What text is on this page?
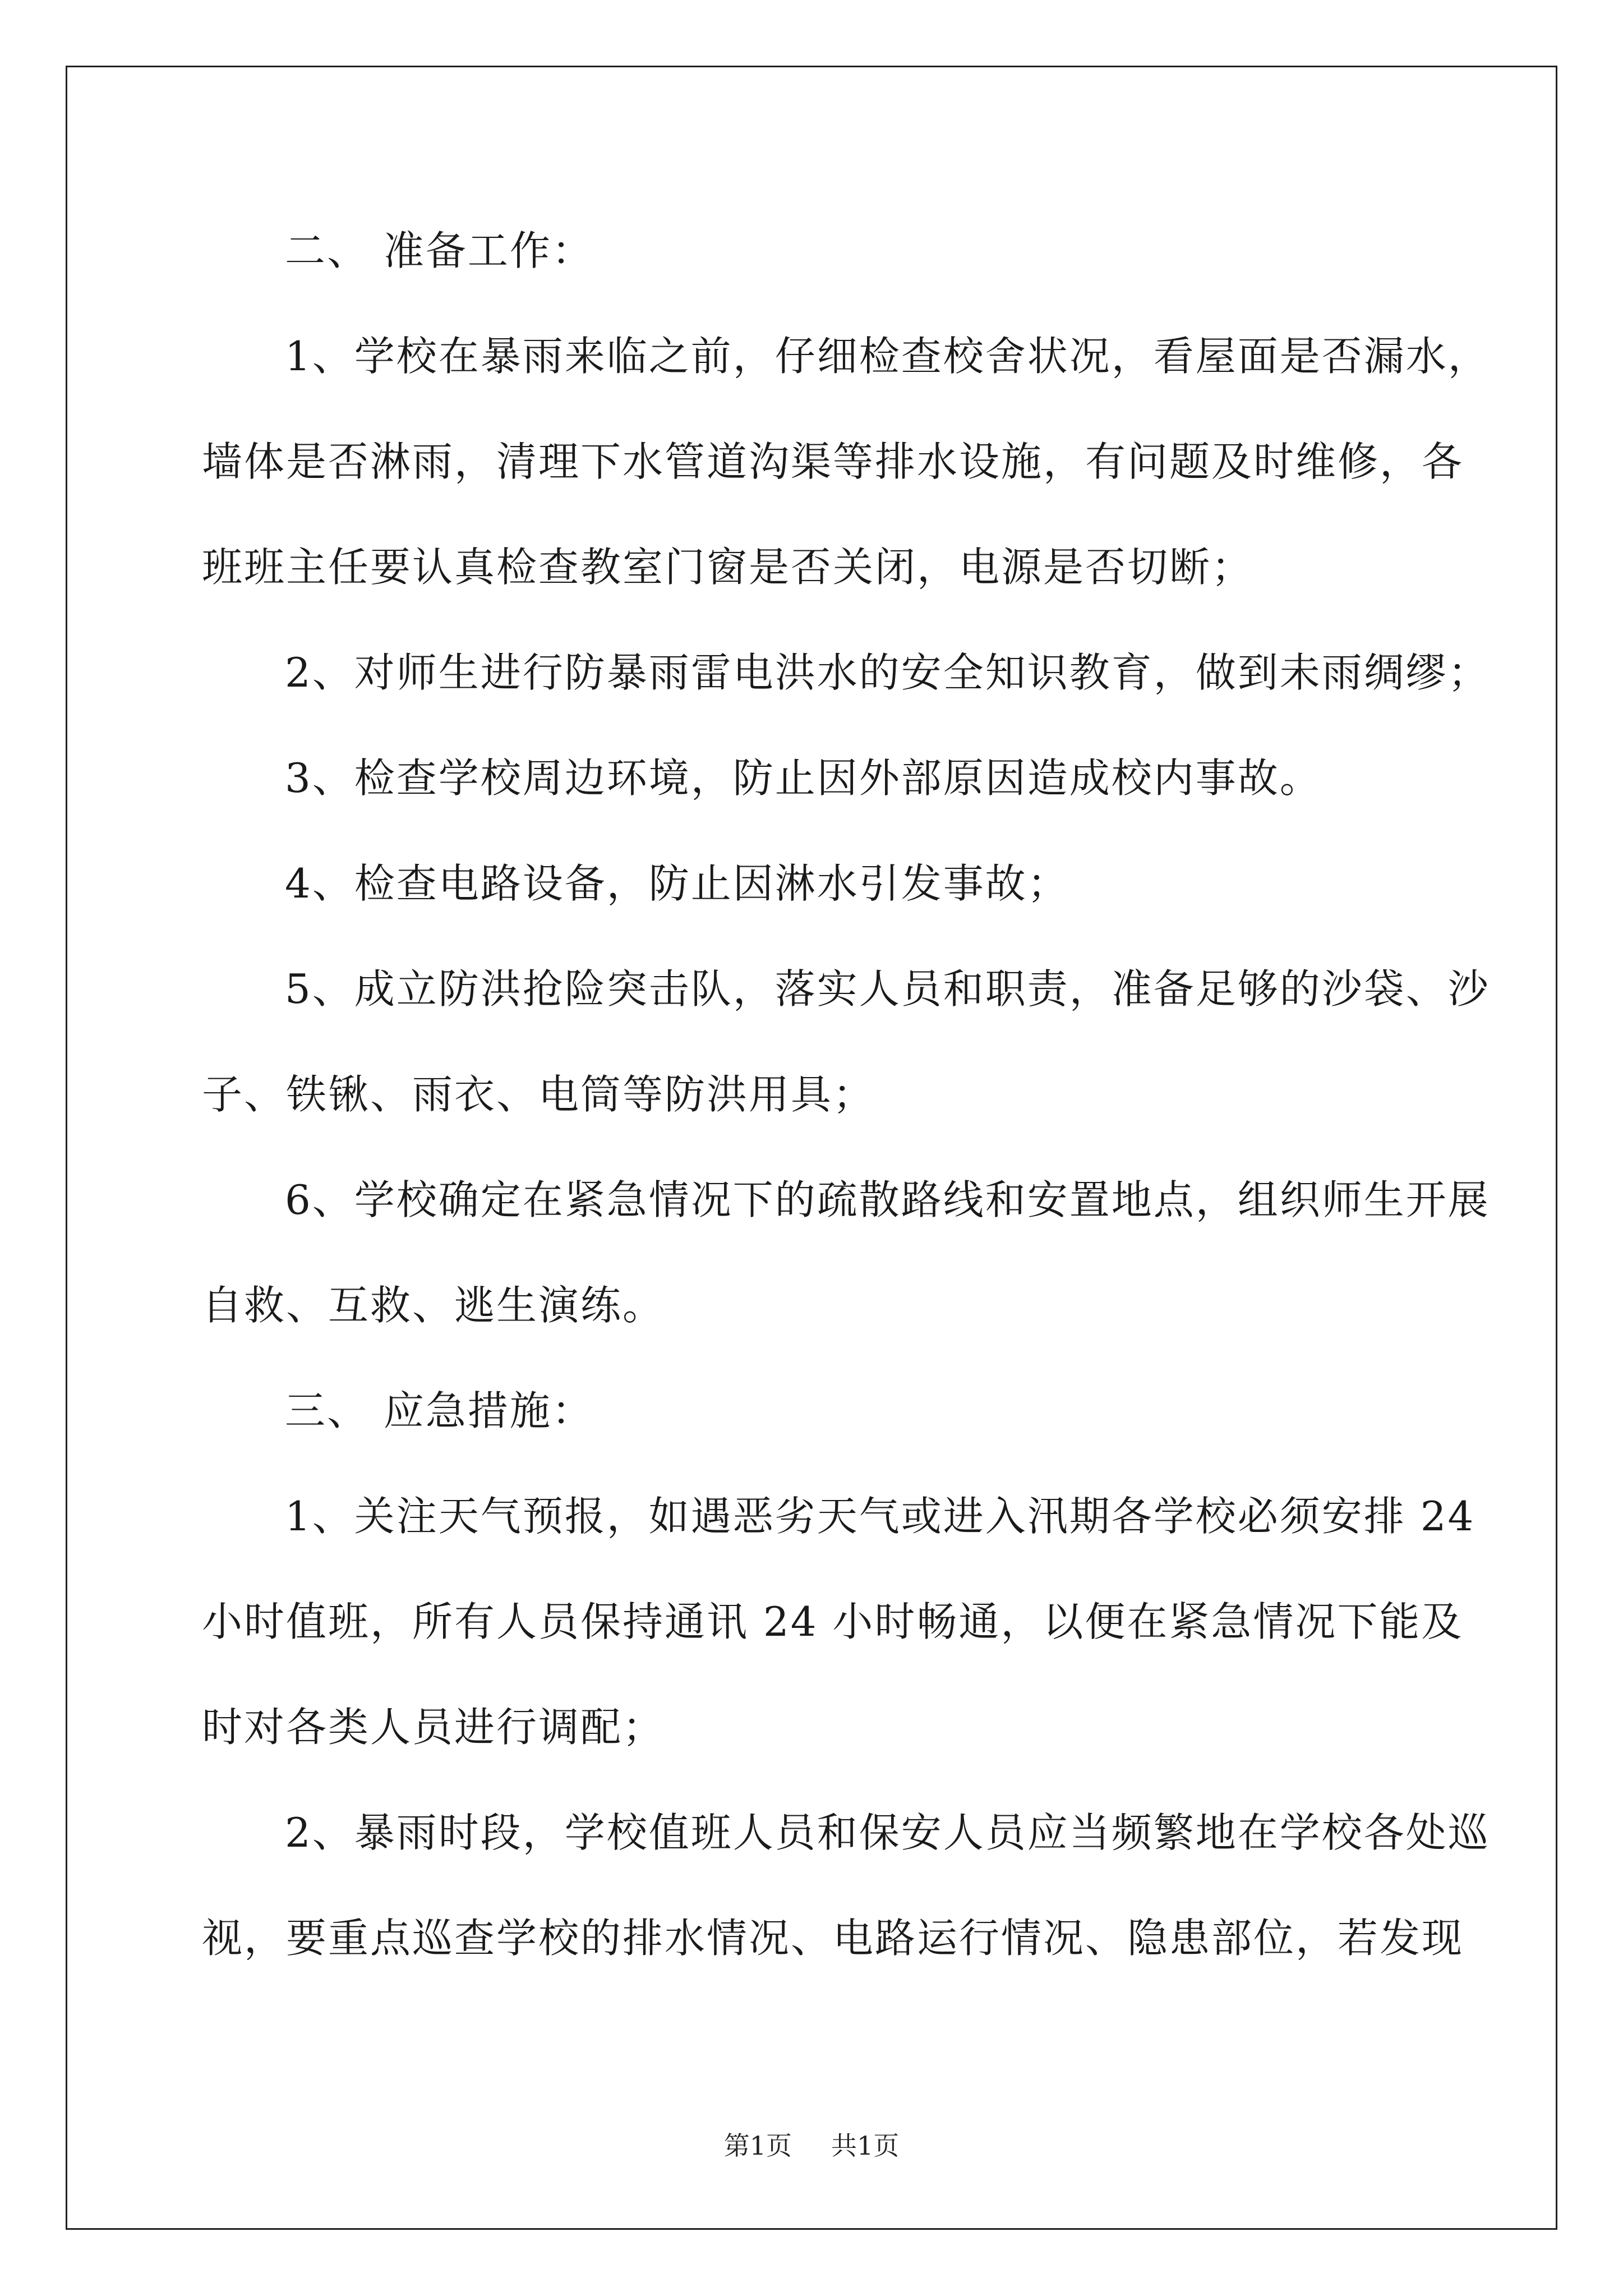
二、 准备工作：
1、学校在暴雨来临之前，仔细检查校舍状况，看屋面是否漏水，
墙体是否淋雨，清理下水管道沟渠等排水设施，有问题及时维修，各
班班主任要认真检查教室门窗是否关闭，电源是否切断；
2、对师生进行防暴雨雷电洪水的安全知识教育，做到未雨绸缪；
3、检查学校周边环境，防止因外部原因造成校内事故。
4、检查电路设备，防止因淋水引发事故；
5、成立防洪抢险突击队，落实人员和职责，准备足够的沙袋、沙
子、铁锹、雨衣、电筒等防洪用具；
6、学校确定在紧急情况下的疏散路线和安置地点，组织师生开展
自救、互救、逃生演练。
三、 应急措施：
1、关注天气预报，如遇恶劣天气或进入汛期各学校必须安排 24
小时值班，所有人员保持通讯 24 小时畅通，以便在紧急情况下能及
时对各类人员进行调配；
2、暴雨时段，学校值班人员和保安人员应当频繁地在学校各处巡
视，要重点巡查学校的排水情况、电路运行情况、隐患部位，若发现
第1页 共1页
